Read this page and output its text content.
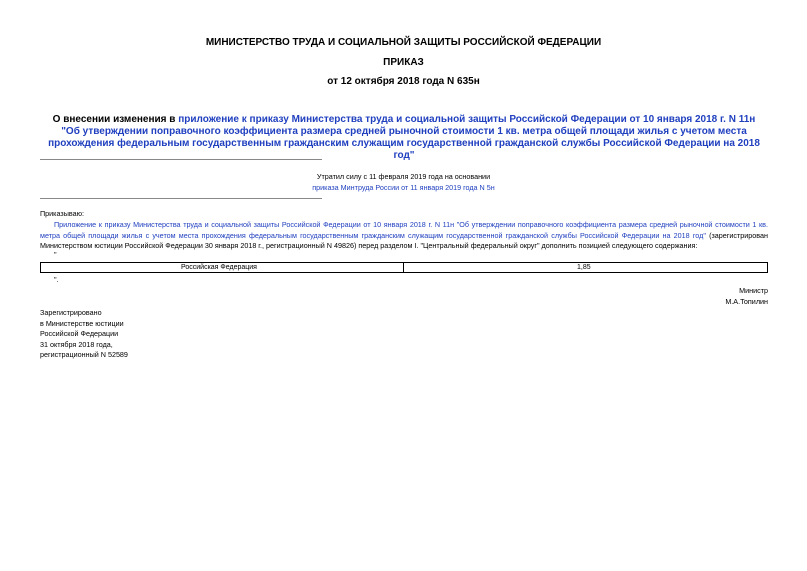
МИНИСТЕРСТВО ТРУДА И СОЦИАЛЬНОЙ ЗАЩИТЫ РОССИЙСКОЙ ФЕДЕРАЦИИ
ПРИКАЗ
от 12 октября 2018 года N 635н
О внесении изменения в приложение к приказу Министерства труда и социальной защиты Российской Федерации от 10 января 2018 г. N 11н "Об утверждении поправочного коэффициента размера средней рыночной стоимости 1 кв. метра общей площади жилья с учетом места прохождения федеральным государственным гражданским служащим государственной гражданской службы Российской Федерации на 2018 год"
Утратил силу с 11 февраля 2019 года на основании
приказа Минтруда России от 11 января 2019 года N 5н
Приказываю:
Приложение к приказу Министерства труда и социальной защиты Российской Федерации от 10 января 2018 г. N 11н "Об утверждении поправочного коэффициента размера средней рыночной стоимости 1 кв. метра общей площади жилья с учетом места прохождения федеральным государственным гражданским служащим государственной гражданской службы Российской Федерации на 2018 год" (зарегистрирован Министерством юстиции Российской Федерации 30 января 2018 г., регистрационный N 49826) перед разделом I. "Центральный федеральный округ" дополнить позицией следующего содержания:
"
Российская Федерация	1,85
".
Министр
М.А.Топилин
Зарегистрировано
в Министерстве юстиции
Российской Федерации
31 октября 2018 года,
регистрационный N 52589
